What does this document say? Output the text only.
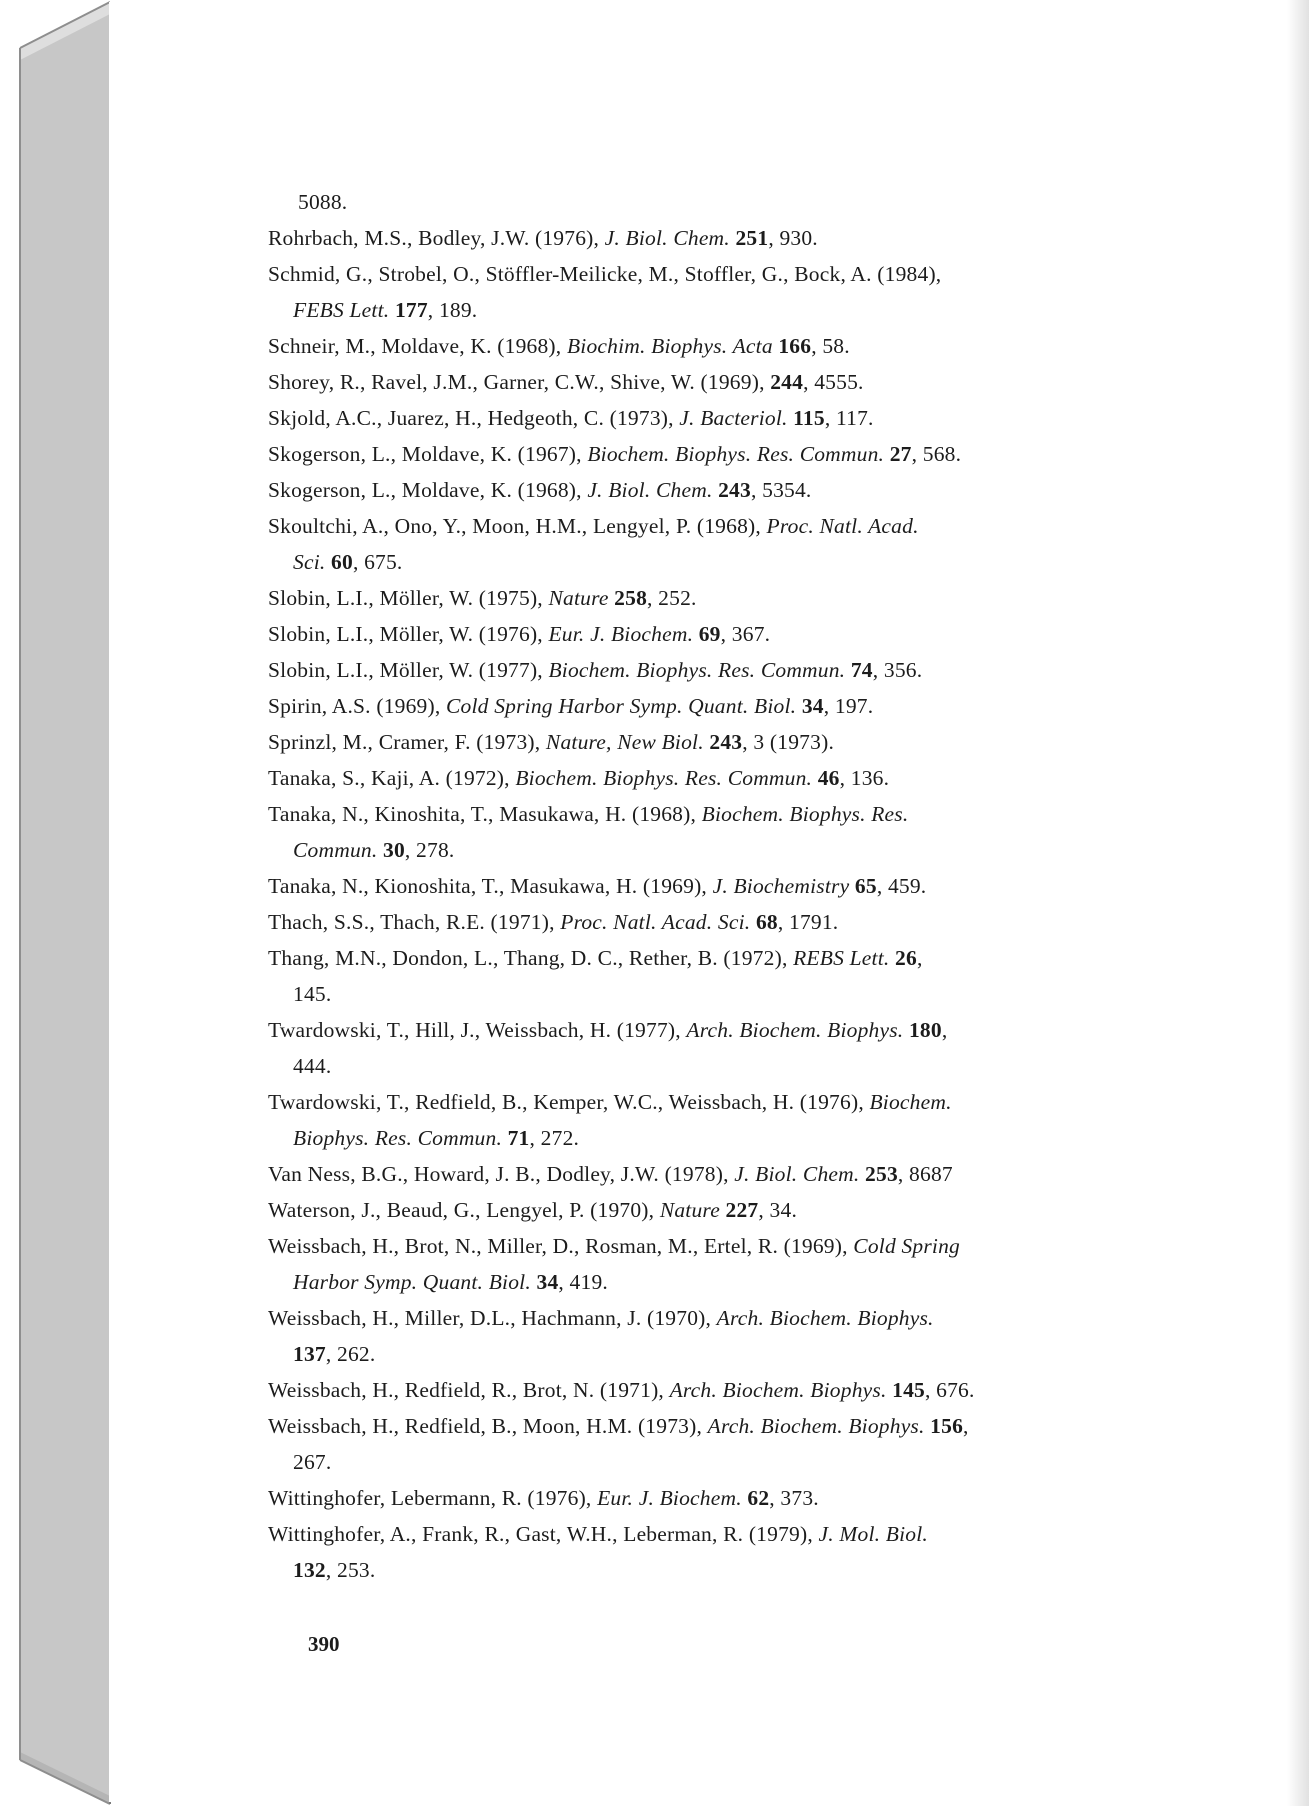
5088.
Rohrbach, M.S., Bodley, J.W. (1976), J. Biol. Chem. 251, 930.
Schmid, G., Strobel, O., Stöffler-Meilicke, M., Stoffler, G., Bock, A. (1984),
FEBS Lett. 177, 189.
Schneir, M., Moldave, K. (1968), Biochim. Biophys. Acta 166, 58.
Shorey, R., Ravel, J.M., Garner, C.W., Shive, W. (1969), 244, 4555.
Skjold, A.C., Juarez, H., Hedgeoth, C. (1973), J. Bacteriol. 115, 117.
Skogerson, L., Moldave, K. (1967), Biochem. Biophys. Res. Commun. 27, 568.
Skogerson, L., Moldave, K. (1968), J. Biol. Chem. 243, 5354.
Skoultchi, A., Ono, Y., Moon, H.M., Lengyel, P. (1968), Proc. Natl. Acad.
Sci. 60, 675.
Slobin, L.I., Möller, W. (1975), Nature 258, 252.
Slobin, L.I., Möller, W. (1976), Eur. J. Biochem. 69, 367.
Slobin, L.I., Möller, W. (1977), Biochem. Biophys. Res. Commun. 74, 356.
Spirin, A.S. (1969), Cold Spring Harbor Symp. Quant. Biol. 34, 197.
Sprinzl, M., Cramer, F. (1973), Nature, New Biol. 243, 3 (1973).
Tanaka, S., Kaji, A. (1972), Biochem. Biophys. Res. Commun. 46, 136.
Tanaka, N., Kinoshita, T., Masukawa, H. (1968), Biochem. Biophys. Res.
Commun. 30, 278.
Tanaka, N., Kionoshita, T., Masukawa, H. (1969), J. Biochemistry 65, 459.
Thach, S.S., Thach, R.E. (1971), Proc. Natl. Acad. Sci. 68, 1791.
Thang, M.N., Dondon, L., Thang, D. C., Rether, B. (1972), REBS Lett. 26,
145.
Twardowski, T., Hill, J., Weissbach, H. (1977), Arch. Biochem. Biophys. 180,
444.
Twardowski, T., Redfield, B., Kemper, W.C., Weissbach, H. (1976), Biochem.
Biophys. Res. Commun. 71, 272.
Van Ness, B.G., Howard, J. B., Dodley, J.W. (1978), J. Biol. Chem. 253, 8687
Waterson, J., Beaud, G., Lengyel, P. (1970), Nature 227, 34.
Weissbach, H., Brot, N., Miller, D., Rosman, M., Ertel, R. (1969), Cold Spring
Harbor Symp. Quant. Biol. 34, 419.
Weissbach, H., Miller, D.L., Hachmann, J. (1970), Arch. Biochem. Biophys.
137, 262.
Weissbach, H., Redfield, R., Brot, N. (1971), Arch. Biochem. Biophys. 145, 676.
Weissbach, H., Redfield, B., Moon, H.M. (1973), Arch. Biochem. Biophys. 156,
267.
Wittinghofer, Lebermann, R. (1976), Eur. J. Biochem. 62, 373.
Wittinghofer, A., Frank, R., Gast, W.H., Leberman, R. (1979), J. Mol. Biol.
132, 253.
390
